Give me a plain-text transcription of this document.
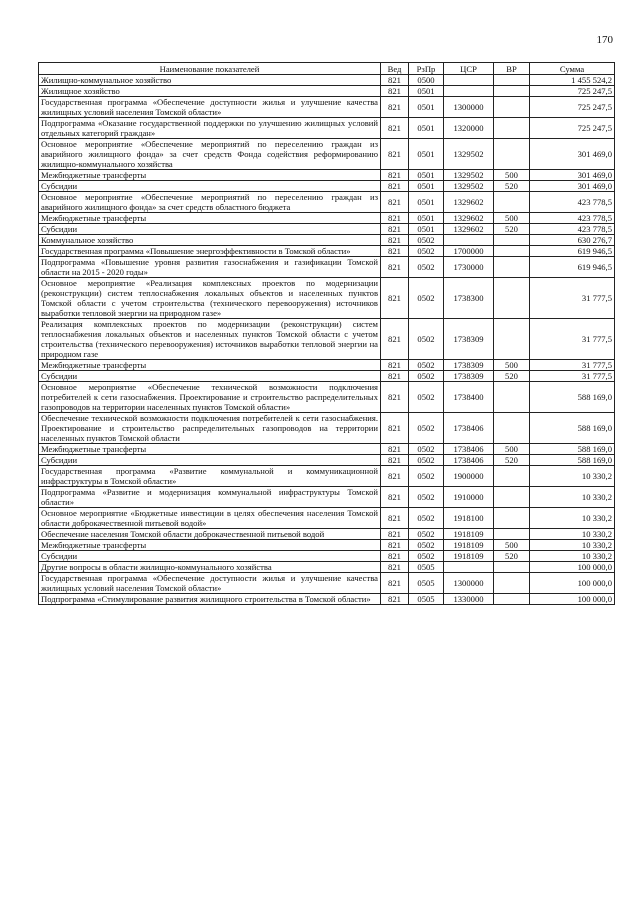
170
Наименование показателей	Вед	РзПр	ЦСР	ВР	Сумма
Жилищно-коммунальное хозяйство	821	0500			1 455 524,2
Жилищное хозяйство	821	0501			725 247,5
Государственная программа «Обеспечение доступности жилья и улучшение качества жилищных условий населения Томской области»	821	0501	1300000		725 247,5
Подпрограмма «Оказание государственной поддержки по улучшению жилищных условий отдельных категорий граждан»	821	0501	1320000		725 247,5
Основное мероприятие «Обеспечение мероприятий по переселению граждан из аварийного жилищного фонда» за счет средств Фонда содействия реформированию жилищно-коммунального хозяйства	821	0501	1329502		301 469,0
Межбюджетные трансферты	821	0501	1329502	500	301 469,0
Субсидии	821	0501	1329502	520	301 469,0
Основное мероприятие «Обеспечение мероприятий по переселению граждан из аварийного жилищного фонда» за счет средств областного бюджета	821	0501	1329602		423 778,5
Межбюджетные трансферты	821	0501	1329602	500	423 778,5
Субсидии	821	0501	1329602	520	423 778,5
Коммунальное хозяйство	821	0502			630 276,7
Государственная программа «Повышение энергоэффективности в Томской области»	821	0502	1700000		619 946,5
Подпрограмма «Повышение уровня развития газоснабжения и газификации Томской области на 2015 - 2020 годы»	821	0502	1730000		619 946,5
Основное мероприятие «Реализация комплексных проектов по модернизации (реконструкции) систем теплоснабжения локальных объектов и населенных пунктов Томской области с учетом строительства (технического перевооружения) источников выработки тепловой энергии на природном газе»	821	0502	1738300		31 777,5
Реализация комплексных проектов по модернизации (реконструкции) систем теплоснабжения локальных объектов и населенных пунктов Томской области с учетом строительства (технического перевооружения) источников выработки тепловой энергии на природном газе	821	0502	1738309		31 777,5
Межбюджетные трансферты	821	0502	1738309	500	31 777,5
Субсидии	821	0502	1738309	520	31 777,5
Основное мероприятие «Обеспечение технической возможности подключения потребителей к сети газоснабжения. Проектирование и строительство распределительных газопроводов на территории населенных пунктов Томской области»	821	0502	1738400		588 169,0
Обеспечение технической возможности подключения потребителей к сети газоснабжения. Проектирование и строительство распределительных газопроводов на территории населенных пунктов Томской области	821	0502	1738406		588 169,0
Межбюджетные трансферты	821	0502	1738406	500	588 169,0
Субсидии	821	0502	1738406	520	588 169,0
Государственная программа «Развитие коммунальной и коммуникационной инфраструктуры в Томской области»	821	0502	1900000		10 330,2
Подпрограмма «Развитие и модернизация коммунальной инфраструктуры Томской области»	821	0502	1910000		10 330,2
Основное мероприятие «Бюджетные инвестиции в целях обеспечения населения Томской области доброкачественной питьевой водой»	821	0502	1918100		10 330,2
Обеспечение населения Томской области доброкачественной питьевой водой	821	0502	1918109		10 330,2
Межбюджетные трансферты	821	0502	1918109	500	10 330,2
Субсидии	821	0502	1918109	520	10 330,2
Другие вопросы в области жилищно-коммунального хозяйства	821	0505			100 000,0
Государственная программа «Обеспечение доступности жилья и улучшение качества жилищных условий населения Томской области»	821	0505	1300000		100 000,0
Подпрограмма «Стимулирование развития жилищного строительства в Томской области»	821	0505	1330000		100 000,0
